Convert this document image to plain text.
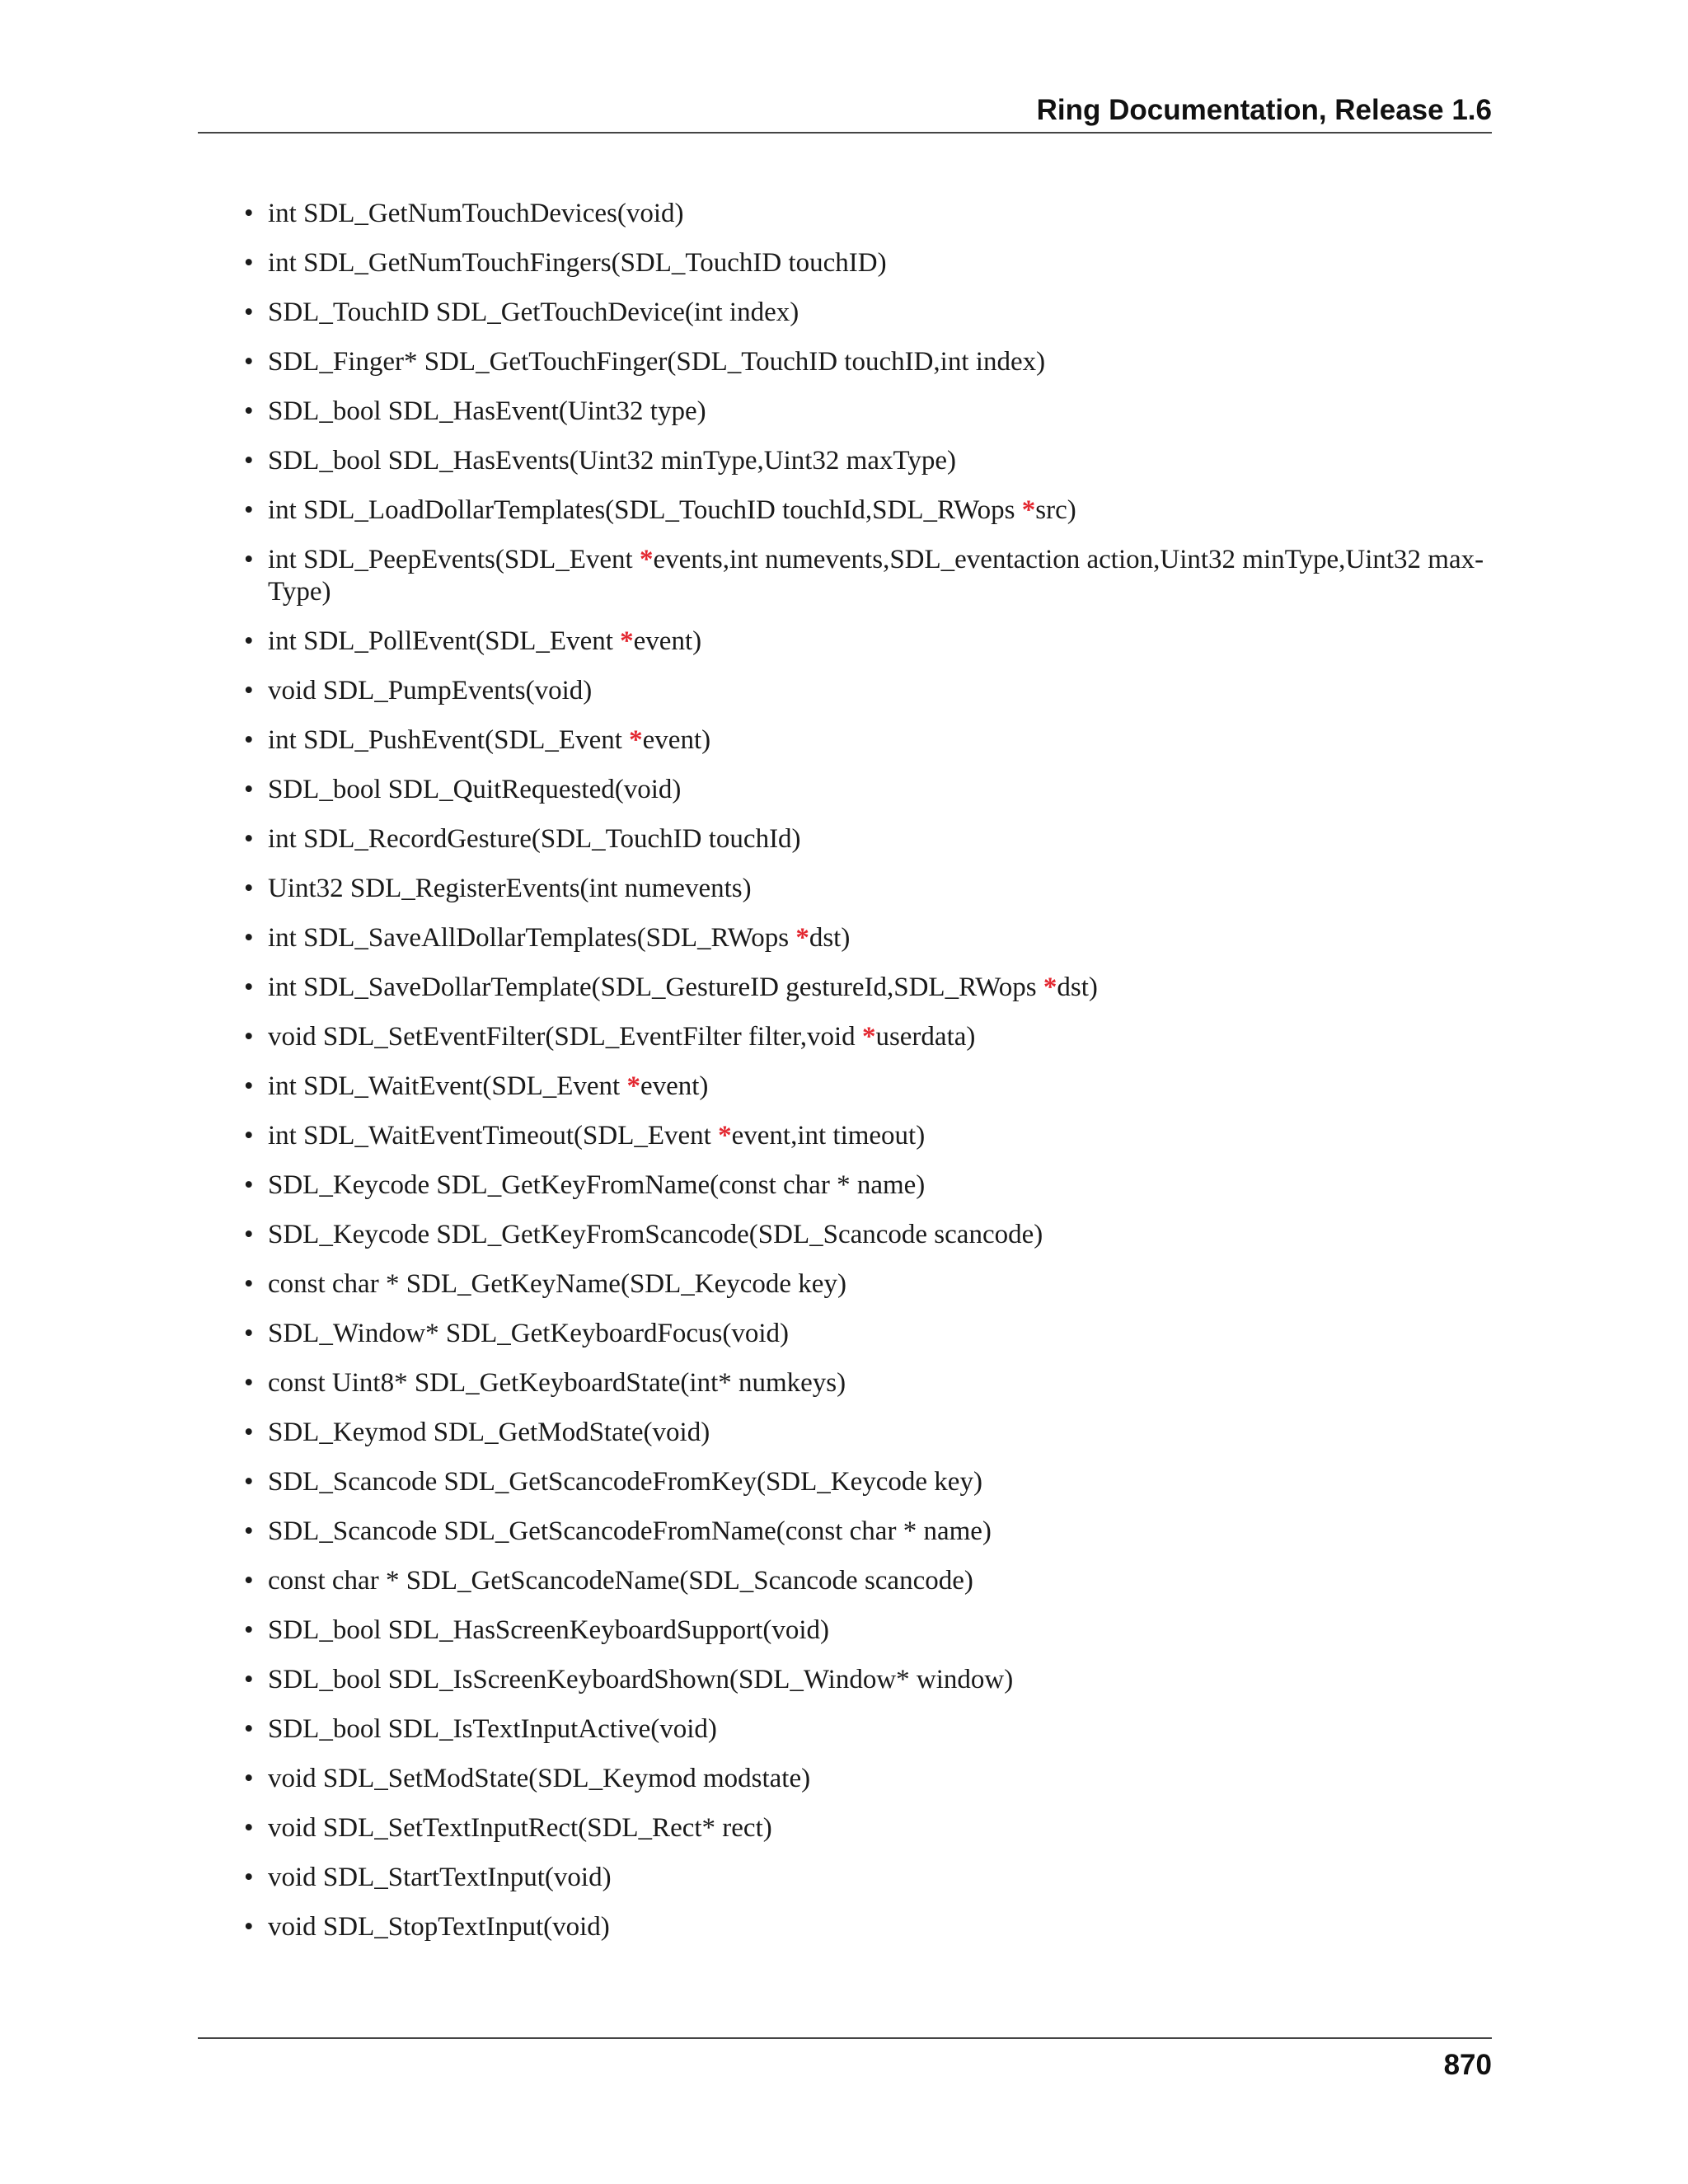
Ring Documentation, Release 1.6
• int SDL_GetNumTouchDevices(void)
• int SDL_GetNumTouchFingers(SDL_TouchID touchID)
• SDL_TouchID SDL_GetTouchDevice(int index)
• SDL_Finger* SDL_GetTouchFinger(SDL_TouchID touchID,int index)
• SDL_bool SDL_HasEvent(Uint32 type)
• SDL_bool SDL_HasEvents(Uint32 minType,Uint32 maxType)
• int SDL_LoadDollarTemplates(SDL_TouchID touchId,SDL_RWops *src)
• int SDL_PeepEvents(SDL_Event *events,int numevents,SDL_eventaction action,Uint32 minType,Uint32 max-Type)
• int SDL_PollEvent(SDL_Event *event)
• void SDL_PumpEvents(void)
• int SDL_PushEvent(SDL_Event *event)
• SDL_bool SDL_QuitRequested(void)
• int SDL_RecordGesture(SDL_TouchID touchId)
• Uint32 SDL_RegisterEvents(int numevents)
• int SDL_SaveAllDollarTemplates(SDL_RWops *dst)
• int SDL_SaveDollarTemplate(SDL_GestureID gestureId,SDL_RWops *dst)
• void SDL_SetEventFilter(SDL_EventFilter filter,void *userdata)
• int SDL_WaitEvent(SDL_Event *event)
• int SDL_WaitEventTimeout(SDL_Event *event,int timeout)
• SDL_Keycode SDL_GetKeyFromName(const char * name)
• SDL_Keycode SDL_GetKeyFromScancode(SDL_Scancode scancode)
• const char * SDL_GetKeyName(SDL_Keycode key)
• SDL_Window* SDL_GetKeyboardFocus(void)
• const Uint8* SDL_GetKeyboardState(int* numkeys)
• SDL_Keymod SDL_GetModState(void)
• SDL_Scancode SDL_GetScancodeFromKey(SDL_Keycode key)
• SDL_Scancode SDL_GetScancodeFromName(const char * name)
• const char * SDL_GetScancodeName(SDL_Scancode scancode)
• SDL_bool SDL_HasScreenKeyboardSupport(void)
• SDL_bool SDL_IsScreenKeyboardShown(SDL_Window* window)
• SDL_bool SDL_IsTextInputActive(void)
• void SDL_SetModState(SDL_Keymod modstate)
• void SDL_SetTextInputRect(SDL_Rect* rect)
• void SDL_StartTextInput(void)
• void SDL_StopTextInput(void)
870
